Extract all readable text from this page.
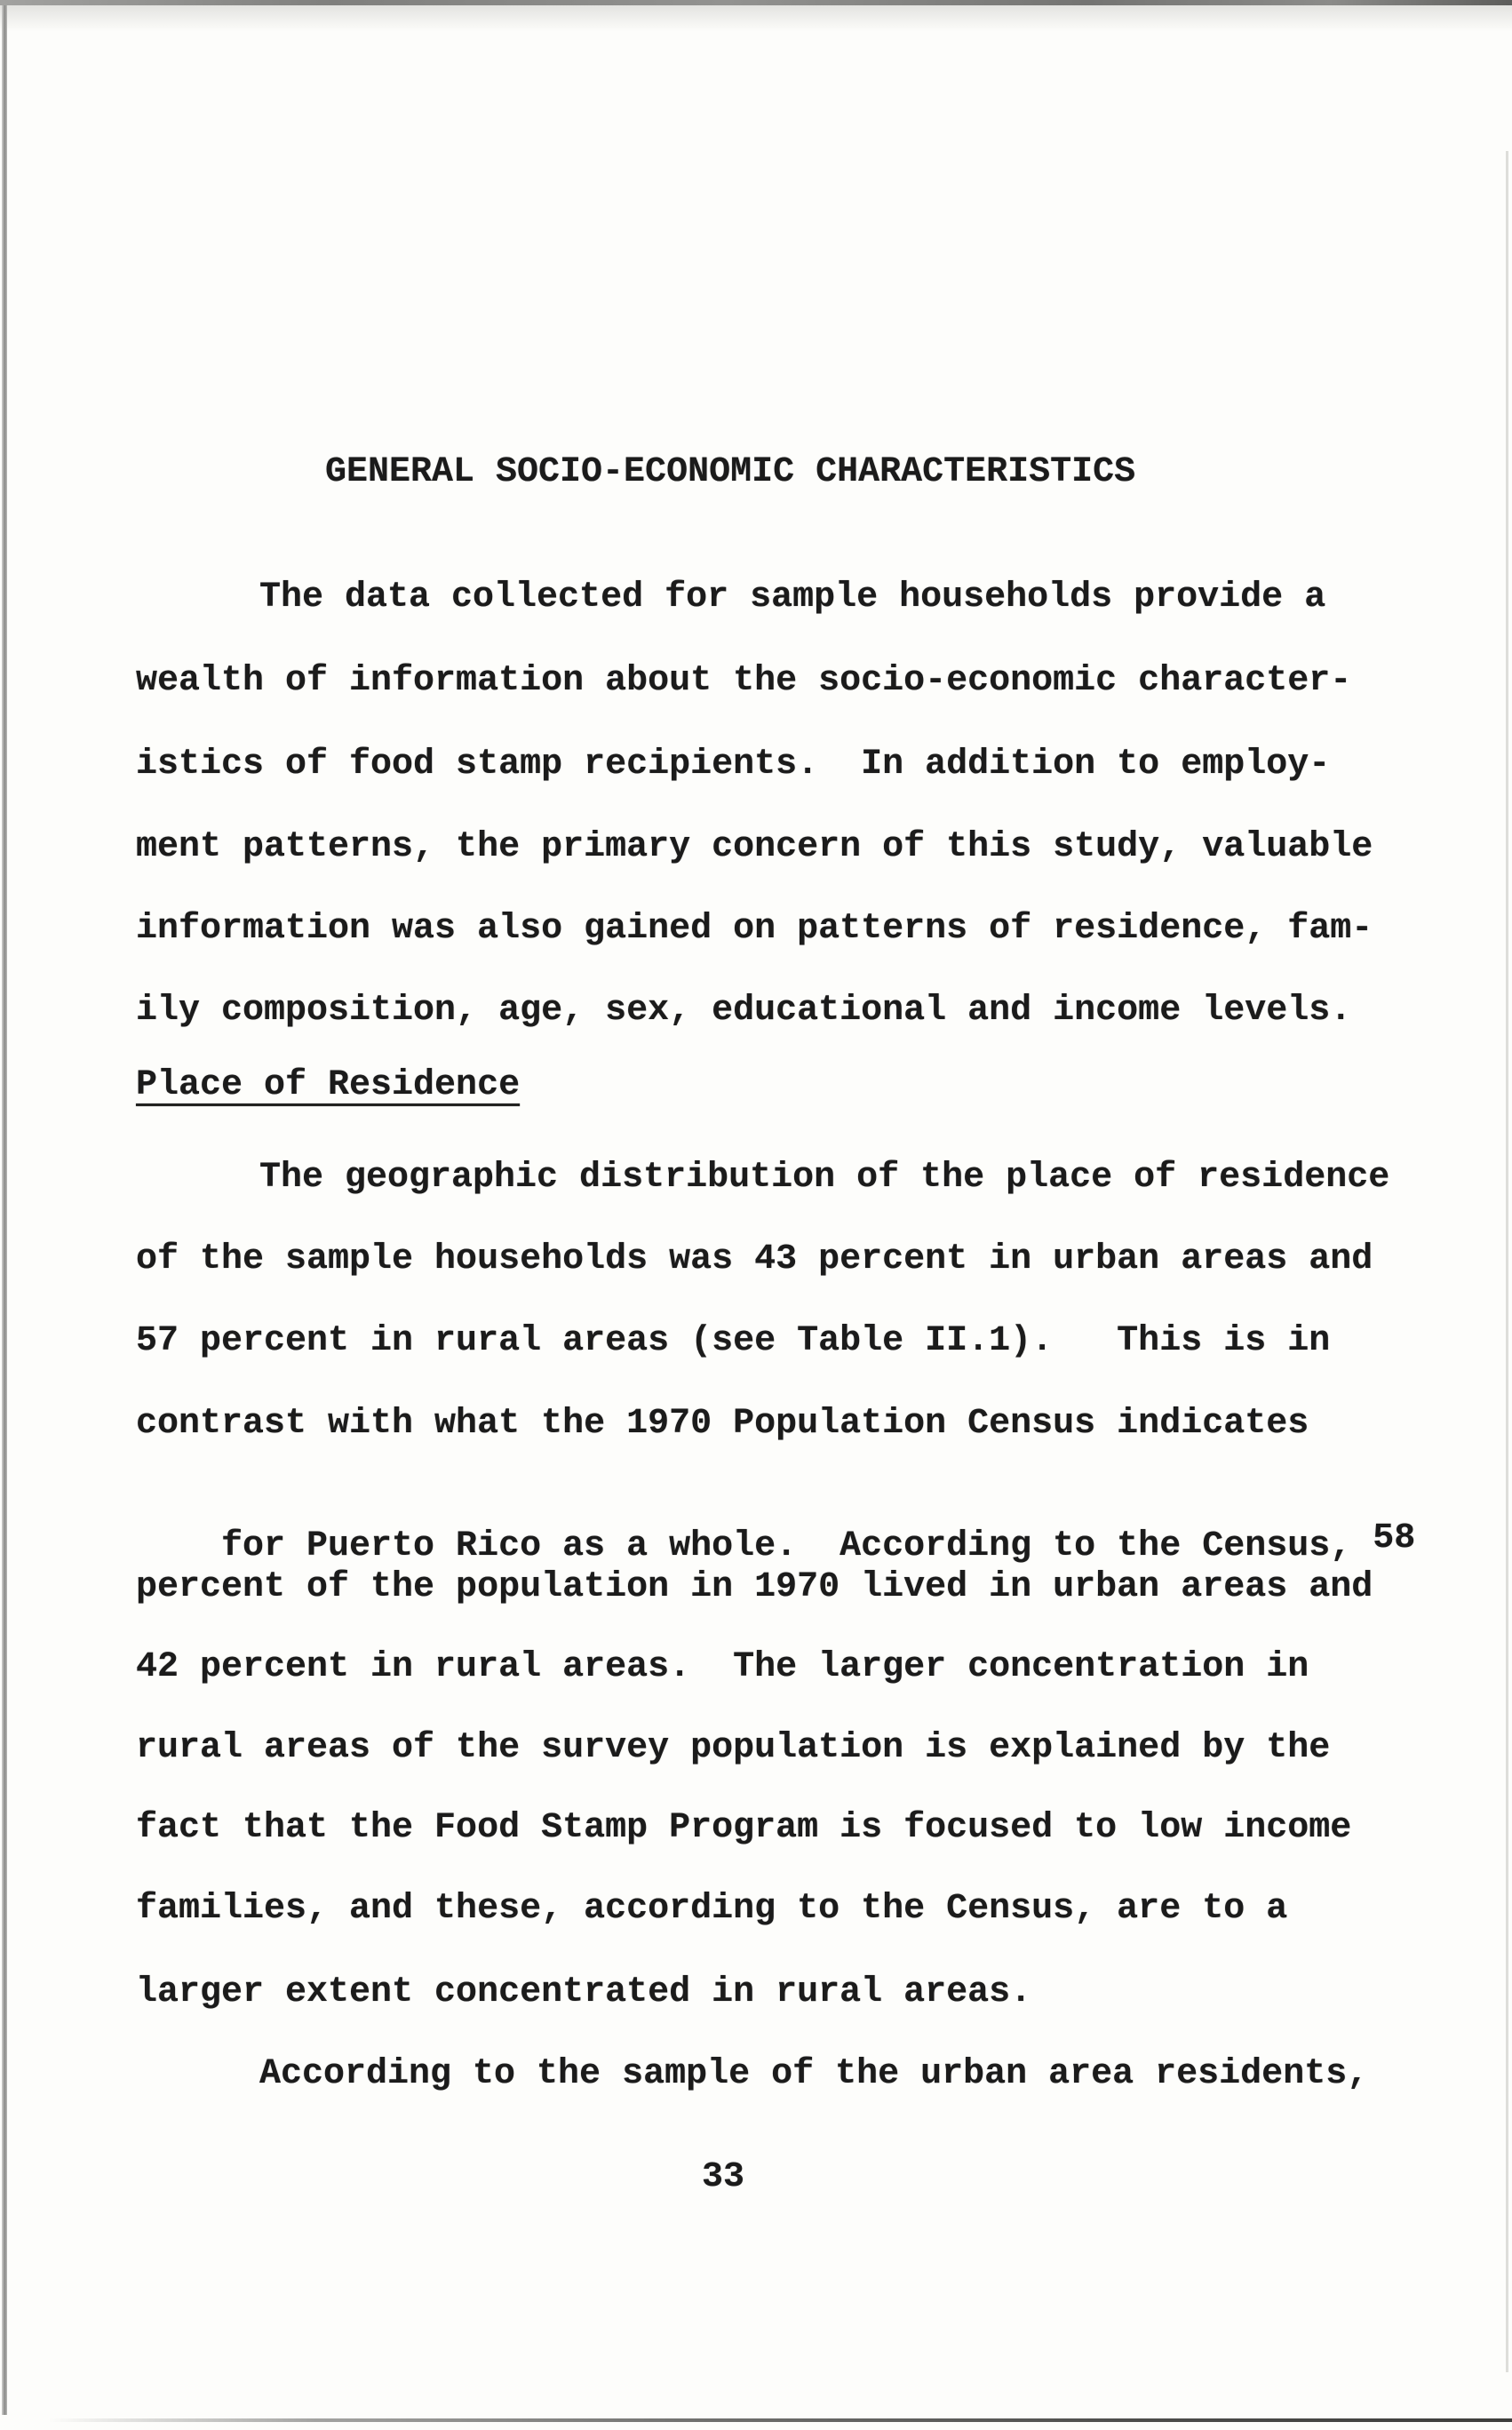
GENERAL SOCIO-ECONOMIC CHARACTERISTICS
The data collected for sample households provide a
wealth of information about the socio-economic character-
istics of food stamp recipients.  In addition to employ-
ment patterns, the primary concern of this study, valuable
information was also gained on patterns of residence, fam-
ily composition, age, sex, educational and income levels.
Place of Residence
The geographic distribution of the place of residence
of the sample households was 43 percent in urban areas and
57 percent in rural areas (see Table II.1).   This is in
contrast with what the 1970 Population Census indicates

for Puerto Rico as a whole.  According to the Census, 58

percent of the population in 1970 lived in urban areas and
42 percent in rural areas.  The larger concentration in
rural areas of the survey population is explained by the
fact that the Food Stamp Program is focused to low income
families, and these, according to the Census, are to a
larger extent concentrated in rural areas.
According to the sample of the urban area residents,
33
